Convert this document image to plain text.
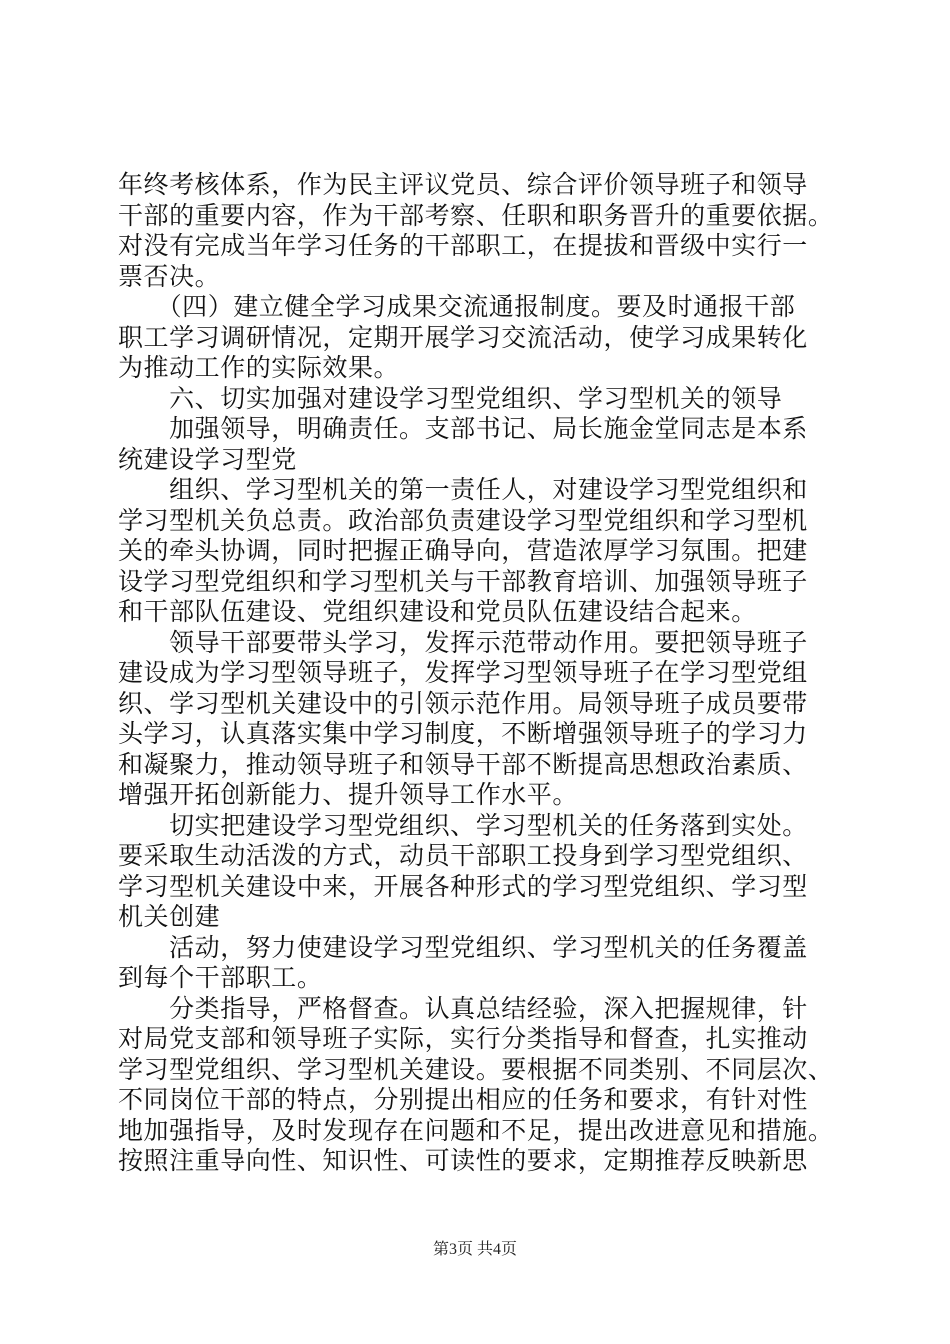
年终考核体系，作为民主评议党员、综合评价领导班子和领导
干部的重要内容，作为干部考察、任职和职务晋升的重要依据。
对没有完成当年学习任务的干部职工，在提拔和晋级中实行一
票否决。
　　（四）建立健全学习成果交流通报制度。要及时通报干部
职工学习调研情况，定期开展学习交流活动，使学习成果转化
为推动工作的实际效果。
　　六、切实加强对建设学习型党组织、学习型机关的领导
　　加强领导，明确责任。支部书记、局长施金堂同志是本系
统建设学习型党
　　组织、学习型机关的第一责任人，对建设学习型党组织和
学习型机关负总责。政治部负责建设学习型党组织和学习型机
关的牵头协调，同时把握正确导向，营造浓厚学习氛围。把建
设学习型党组织和学习型机关与干部教育培训、加强领导班子
和干部队伍建设、党组织建设和党员队伍建设结合起来。
　　领导干部要带头学习，发挥示范带动作用。要把领导班子
建设成为学习型领导班子，发挥学习型领导班子在学习型党组
织、学习型机关建设中的引领示范作用。局领导班子成员要带
头学习，认真落实集中学习制度，不断增强领导班子的学习力
和凝聚力，推动领导班子和领导干部不断提高思想政治素质、
增强开拓创新能力、提升领导工作水平。
　　切实把建设学习型党组织、学习型机关的任务落到实处。
要采取生动活泼的方式，动员干部职工投身到学习型党组织、
学习型机关建设中来，开展各种形式的学习型党组织、学习型
机关创建
　　活动，努力使建设学习型党组织、学习型机关的任务覆盖
到每个干部职工。
　　分类指导，严格督查。认真总结经验，深入把握规律，针
对局党支部和领导班子实际，实行分类指导和督查，扎实推动
学习型党组织、学习型机关建设。要根据不同类别、不同层次、
不同岗位干部的特点，分别提出相应的任务和要求，有针对性
地加强指导，及时发现存在问题和不足，提出改进意见和措施。
按照注重导向性、知识性、可读性的要求，定期推荐反映新思
第3页 共4页
